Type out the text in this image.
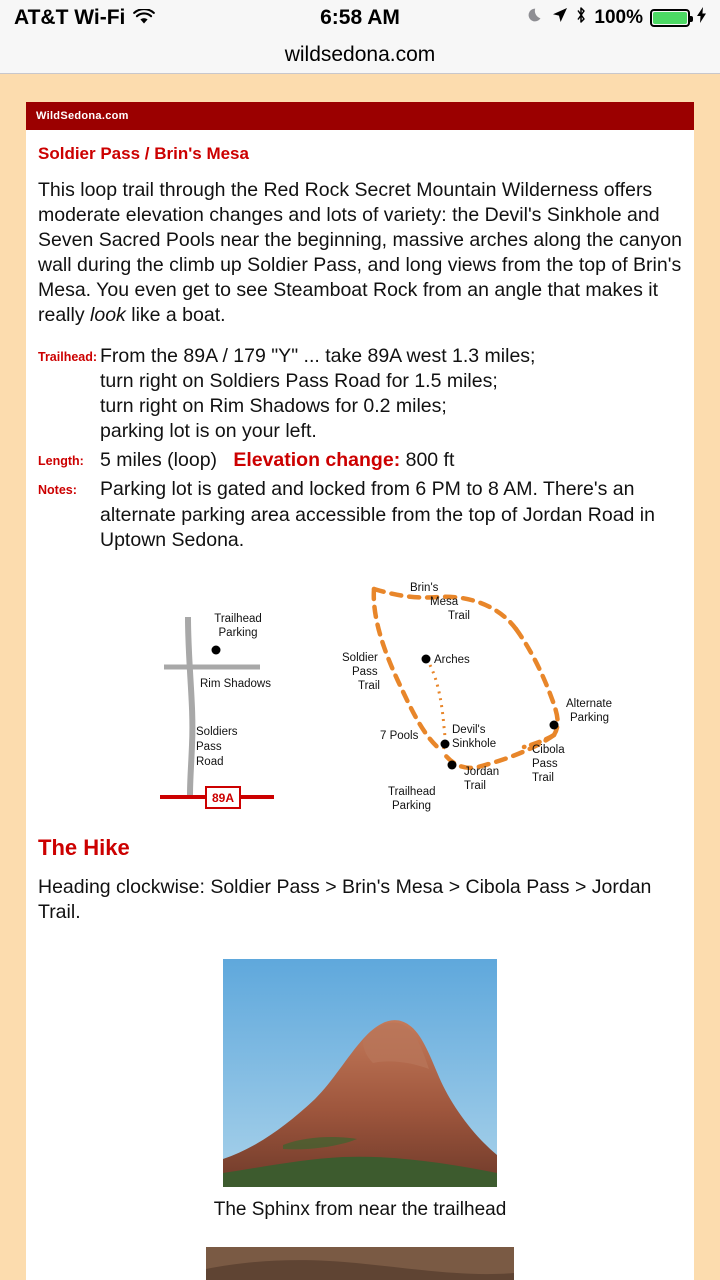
AT&T Wi-Fi	6:58 AM	100%
wildsedona.com
WildSedona.com
Soldier Pass / Brin's Mesa

This loop trail through the Red Rock Secret Mountain Wilderness offers moderate elevation changes and lots of variety: the Devil's Sinkhole and Seven Sacred Pools near the beginning, massive arches along the canyon wall during the climb up Soldier Pass, and long views from the top of Brin's Mesa. You even get to see Steamboat Rock from an angle that makes it really look like a boat.

Trailhead: From the 89A / 179 "Y" ... take 89A west 1.3 miles;
turn right on Soldiers Pass Road for 1.5 miles;
turn right on Rim Shadows for 0.2 miles;
parking lot is on your left.
Length: 5 miles (loop) Elevation change: 800 ft
Notes:	Parking lot is gated and locked from 6 PM to 8 AM. There's an alternate parking area accessible from the top of Jordan Road in Uptown Sedona.
89A
Trailhead
Parking
Rim Shadows
Soldiers
Pass
Road
Brin's
Mesa
Trail
Soldier
Pass
Trail
Arches
Alternate
Parking
7 Pools	Devil's
Sinkhole	Cibola
Pass
Trail
Jordan
Trail
Trailhead
Parking
The Hike

Heading clockwise: Soldier Pass > Brin's Mesa > Cibola Pass > Jordan Trail.

The Sphinx from near the trailhead
